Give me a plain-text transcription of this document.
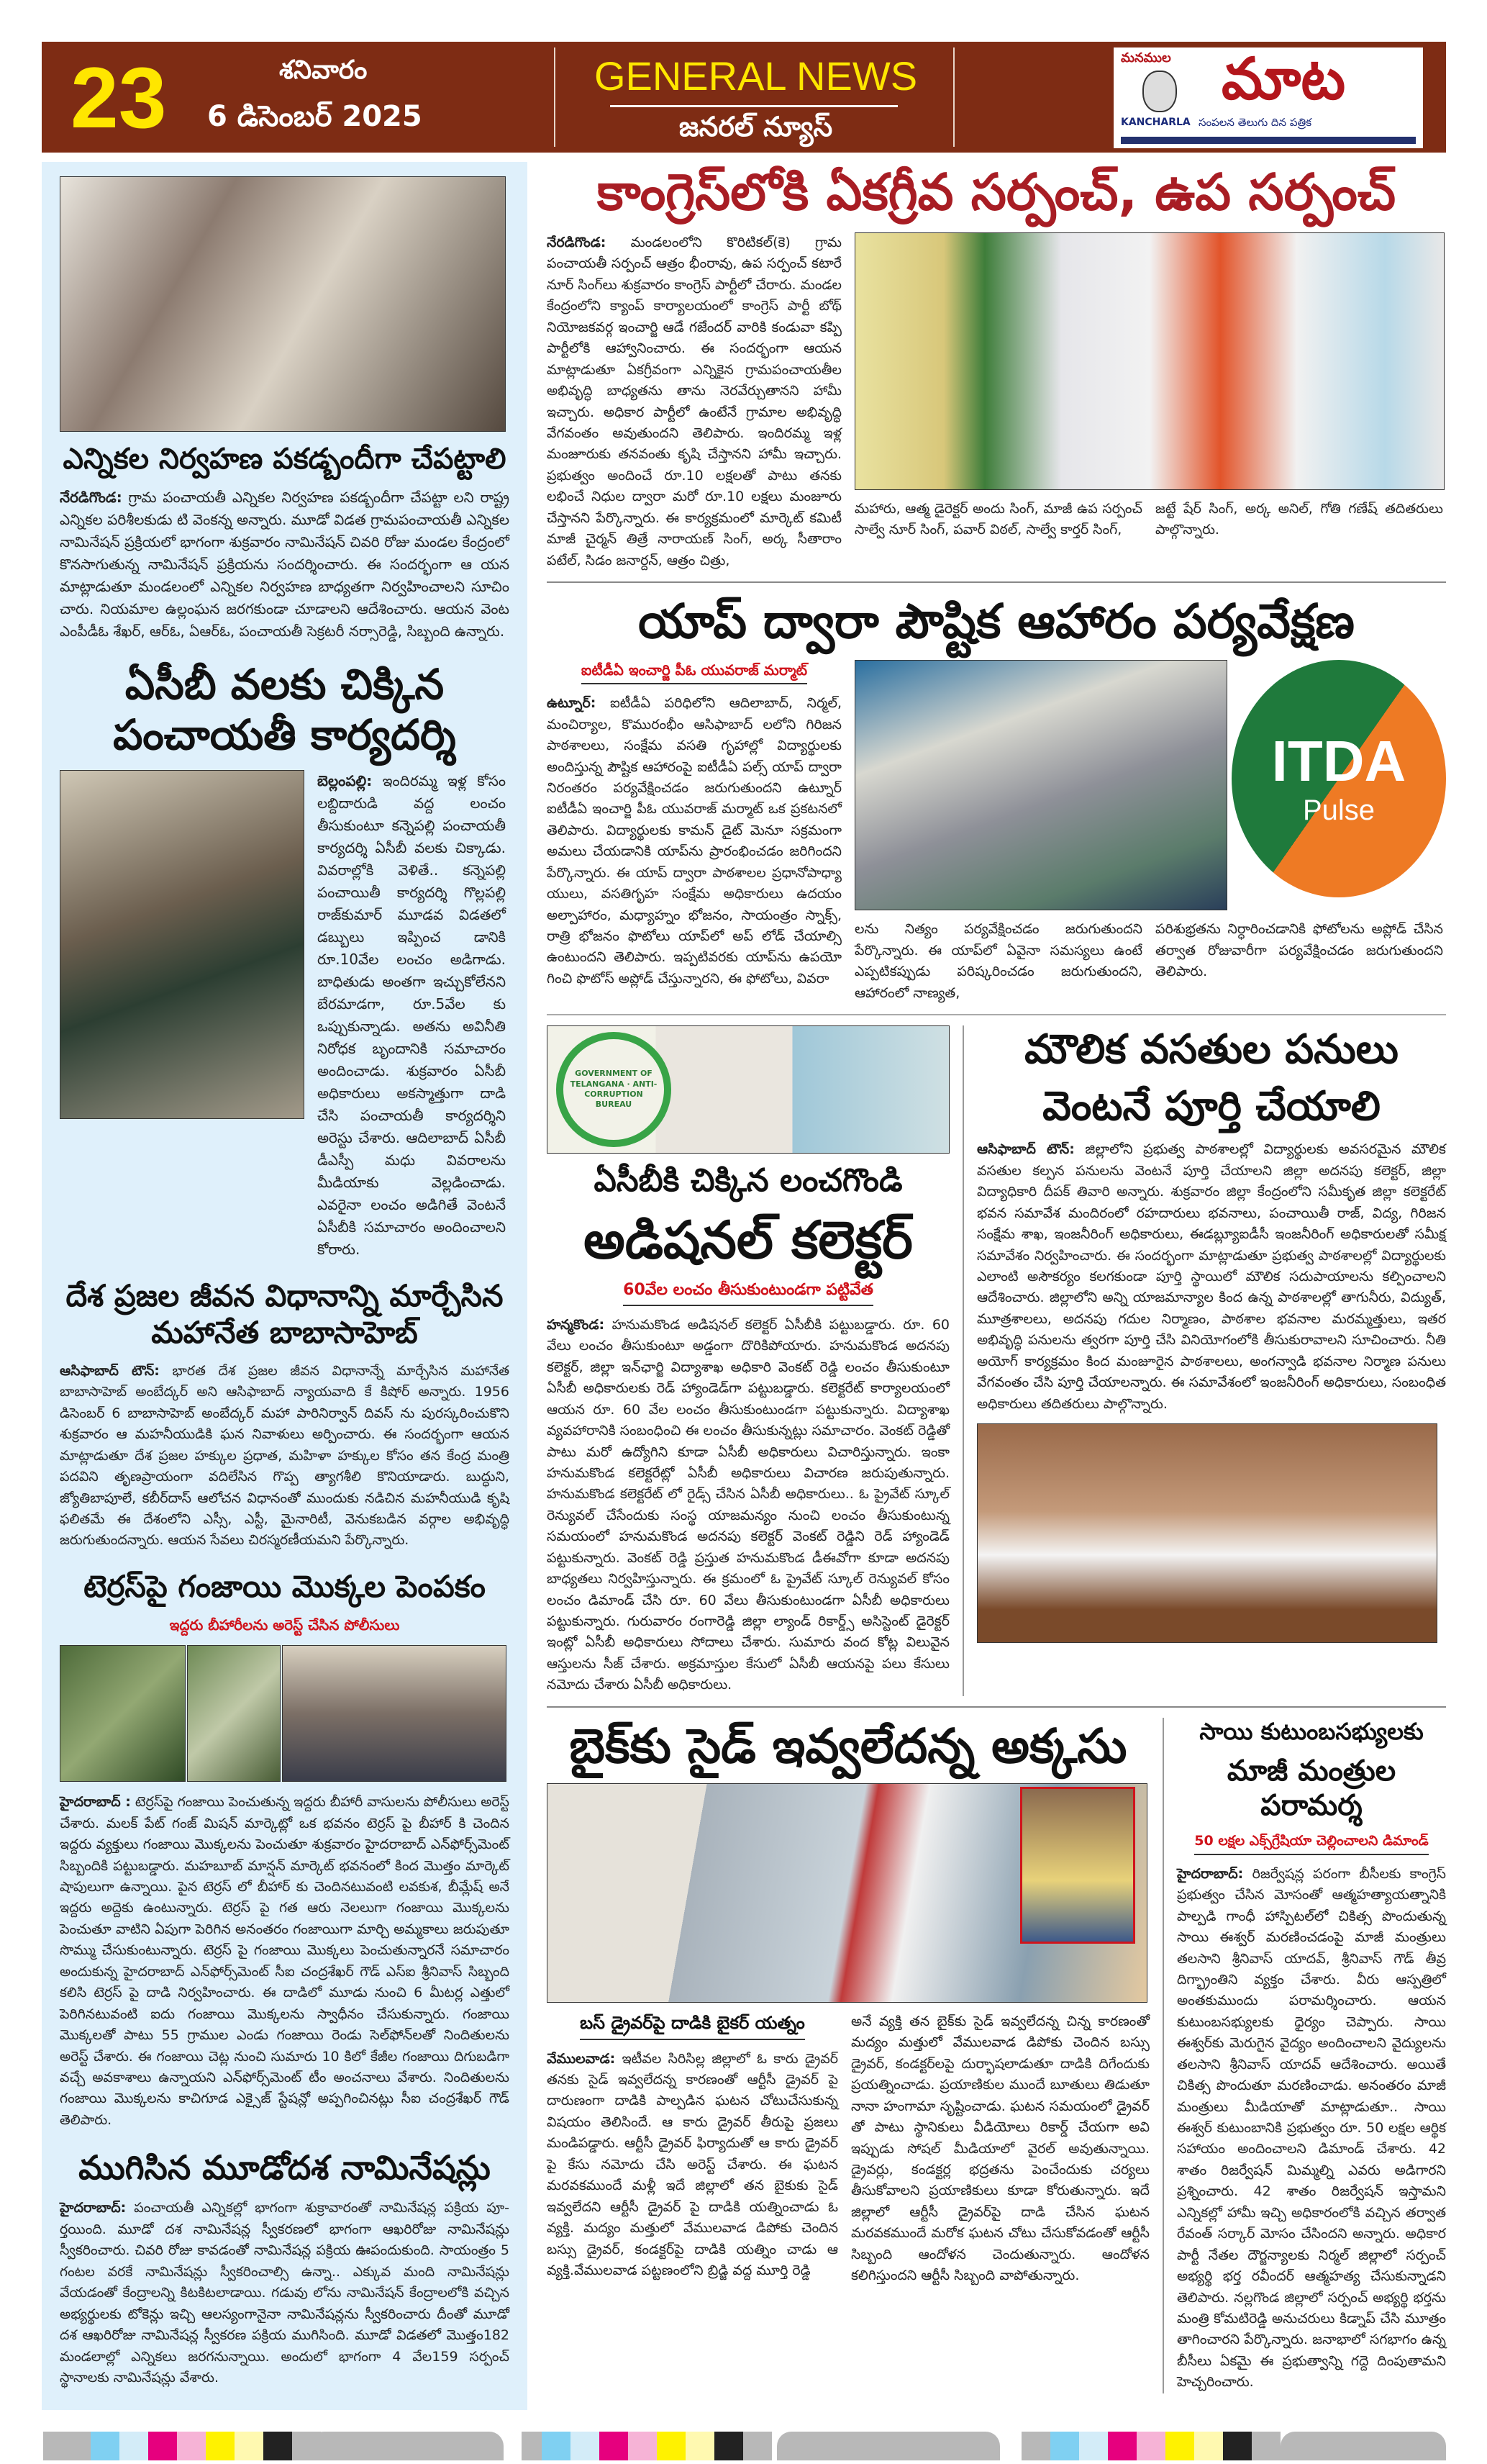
23	శనివారం
6 డిసెంబర్ 2025
GENERAL NEWS
జనరల్ న్యూస్
మనముల మాట
KANCHARLA సంపలన తెలుగు దిన పత్రిక
ఎన్నికల నిర్వహణ పకడ్బందీగా చేపట్టాలి
నేరడిగొండ: గ్రామ పంచాయతీ ఎన్నికల నిర్వహణ పకడ్బందీగా చేపట్టా లని రాష్ట్ర ఎన్నికల పరిశీలకుడు టి వెంకన్న అన్నారు. మూడో విడత గ్రామపంచాయతీ ఎన్నికల నామినేషన్ ప్రక్రియలో భాగంగా శుక్రవారం నామినేషన్ చివరి రోజు మండల కేంద్రంలో కొనసాగుతున్న నామినేషన్ ప్రక్రియను సందర్శించారు. ఈ సందర్భంగా ఆ యన మాట్లాడుతూ మండలంలో ఎన్నికల నిర్వహణ బాధ్యతగా నిర్వహించాలని సూచిం చారు. నియమాల ఉల్లంఘన జరగకుండా చూడాలని ఆదేశించారు. ఆయన వెంట ఎంపీడీఓ శేఖర్, ఆర్ఓ, ఏఆర్ఓ, పంచాయతీ సెక్రటరీ నర్సారెడ్డి, సిబ్బంది ఉన్నారు.
ఏసీబీ వలకు చిక్కిన పంచాయతీ కార్యదర్శి
బెల్లంపల్లి: ఇందిరమ్మ ఇళ్ల కోసం లబ్దిదారుడి వద్ద లంచం తీసుకుంటూ కన్నెపల్లి పంచాయతీ కార్యదర్శి ఏసీబీ వలకు చిక్కాడు. వివరాల్లోకి వెళితే.. కన్నెపల్లి పంచాయితీ కార్యదర్శి గొల్లపల్లి రాజ్‌కుమార్ మూడవ విడతలో డబ్బులు ఇప్పించ డానికి రూ.10వేల లంచం అడిగాడు. బాధితుడు అంతగా ఇచ్చుకోలేనని బేరమాడగా, రూ.5వేల కు ఒప్పుకున్నాడు. అతను అవినీతి నిరోధక బృందానికి సమాచారం అందించాడు. శుక్రవారం ఏసీబీ అధికారులు అకస్మాత్తుగా దాడి చేసి పంచాయతీ కార్యదర్శిని అరెస్టు చేశారు. ఆదిలాబాద్ ఏసీబీ డీఎస్పీ మధు వివరాలను మీడియాకు వెల్లడించాడు. ఎవరైనా లంచం అడిగితే వెంటనే ఏసీబీకి సమాచారం అందించాలని కోరారు.
దేశ ప్రజల జీవన విధానాన్ని మార్చేసిన మహానేత బాబాసాహెబ్
ఆసిఫాబాద్ టౌన్: భారత దేశ ప్రజల జీవన విధానాన్నే మార్చేసిన మహానేత బాబాసాహెబ్ అంబేద్కర్ అని ఆసిఫాబాద్ న్యాయవాది కే కిషోర్ అన్నారు. 1956 డిసెంబర్ 6 బాబాసాహెబ్ అంబేద్కర్ మహా పారినిర్వాన్ దివస్ ను పురస్కరించుకొని శుక్రవారం ఆ మహనీయుడికి ఘన నివాళులు అర్పించారు. ఈ సందర్భంగా ఆయన మాట్లాడుతూ దేశ ప్రజల హక్కుల ప్రధాత, మహిళా హక్కుల కోసం తన కేంద్ర మంత్రి పదవిని తృణప్రాయంగా వదిలేసిన గొప్ప త్యాగశీలి కొనియాడారు. బుద్ధుని, జ్యోతిబాపూలే, కబీర్‌దాస్ ఆలోచన విధానంతో ముందుకు నడిచిన మహనీయుడి కృషి ఫలితమే ఈ దేశంలోని ఎస్సీ, ఎస్టీ, మైనారిటీ, వెనుకబడిన వర్గాల అభివృద్ధి జరుగుతుందన్నారు. ఆయన సేవలు చిరస్మరణీయమని పేర్కొన్నారు.
టెర్రస్‌పై గంజాయి మొక్కల పెంపకం
ఇద్దరు బీహారీలను అరెస్ట్ చేసిన పోలీసులు
హైదరాబాద్ : టెర్రస్‌పై గంజాయి పెంచుతున్న ఇద్దరు బీహారీ వాసులను పోలీసులు అరెస్ట్ చేశారు. మలక్ పేట్ గంజ్ మిషన్ మార్కెట్లో ఒక భవనం టెర్రస్ పై బీహార్ కి చెందిన ఇద్దరు వ్యక్తులు గంజాయి మొక్కలను పెంచుతూ శుక్రవారం హైదరాబాద్ ఎన్‌ఫోర్స్‌మెంట్ సిబ్బందికి పట్టుబడ్డారు. మహబూబ్ మాన్షన్ మార్కెట్ భవనంలో కింద మొత్తం మార్కెట్ షాపులుగా ఉన్నాయి. పైన టెర్రస్ లో బీహార్ కు చెందినటువంటి లవకుశ, బీమ్లేష్ అనే ఇద్దరు అద్దెకు ఉంటున్నారు. టెర్రస్ పై గత ఆరు నెలలుగా గంజాయి మొక్కలను పెంచుతూ వాటిని ఏపుగా పెరిగిన అనంతరం గంజాయిగా మార్చి అమ్మకాలు జరుపుతూ సొమ్ము చేసుకుంటున్నారు. టెర్రస్ పై గంజాయి మొక్కలు పెంచుతున్నారనే సమాచారం అందుకున్న హైదరాబాద్ ఎన్‌ఫోర్స్‌మెంట్ సీఐ చంద్రశేఖర్ గౌడ్ ఎస్ఐ శ్రీనివాస్ సిబ్బంది కలిసి టెర్రస్ పై దాడి నిర్వహించారు. ఈ దాడిలో మూడు నుంచి 6 మీటర్ల ఎత్తులో పెరిగినటువంటి ఐదు గంజాయి మొక్కలను స్వాధీనం చేసుకున్నారు. గంజాయి మొక్కలతో పాటు 55 గ్రాముల ఎండు గంజాయి రెండు సెల్‌ఫోన్‌లతో నిందితులను అరెస్ట్ చేశారు. ఈ గంజాయి చెట్ల నుంచి సుమారు 10 కిలో కేజీల గంజాయి దిగుబడిగా వచ్చే అవకాశాలు ఉన్నాయని ఎన్‌ఫోర్స్‌మెంట్ టీం అంచనాలు వేశారు. నిందితులను గంజాయి మొక్కలను కాచిగూడ ఎక్సైజ్ స్టేషన్లో అప్పగించినట్లు సీఐ చంద్రశేఖర్ గౌడ్ తెలిపారు.
ముగిసిన మూడోదశ నామినేషన్లు
హైదరాబాద్: పంచాయతీ ఎన్నికల్లో భాగంగా శుక్రావారంతో నామినేషన్ల పక్రియ పూ- ర్తయింది. మూడో దశ నామినేషన్ల స్వీకరణలో భాగంగా ఆఖరిరోజు నామినేషన్లు స్వీకరించారు. చివరి రోజు కావడంతో నామినేషన్ల పక్రియ ఊపందుకుంది. సాయంత్రం 5 గంటల వరకే నామినేషన్లు స్వీకరించాల్సి ఉన్నా.. ఎక్కువ మంది నామినేషన్లు వేయడంతో కేంద్రాలన్ని కిటకిటలాడాయి. గడువు లోను నామినేషన్ కేంద్రాలలోకి వచ్చిన అభ్యర్థులకు టోకెన్లు ఇచ్చి ఆలస్యంగానైనా నామినేషన్లను స్వీకరించారు దీంతో మూడో దశ ఆఖరిరోజు నామినేషన్ల స్వీకరణ పక్రియ ముగిసింది. మూడో విడతలో మొత్తం182 మండలాల్లో ఎన్నికలు జరగనున్నాయి. అందులో భాగంగా 4 వేల159 సర్పంచ్ స్థానాలకు నామినేషన్లు వేశారు.
కాంగ్రెస్‌లోకి ఏకగ్రీవ సర్పంచ్, ఉప సర్పంచ్
నేరడిగొండ: మండలంలోని కొరిటికల్(కె) గ్రామ పంచాయతీ సర్పంచ్ ఆత్రం భీంరావు, ఉప సర్పంచ్ కటారే నూర్ సింగ్‌లు శుక్రవారం కాంగ్రెస్ పార్టీలో చేరారు. మండల కేంద్రంలోని క్యాంప్ కార్యాలయంలో కాంగ్రెస్ పార్టీ బోథ్ నియోజకవర్గ ఇంచార్జి ఆడే గజేందర్ వారికి కండువా కప్పి పార్టీలోకి ఆహ్వానించారు. ఈ సందర్భంగా ఆయన మాట్లాడుతూ ఏకగ్రీవంగా ఎన్నికైన గ్రామపంచాయతీల అభివృద్ధి బాధ్యతను తాను నెరవేర్చుతానని హామీ ఇచ్చారు. అధికార పార్టీలో ఉంటేనే గ్రామాల అభివృద్ధి వేగవంతం అవుతుందని తెలిపారు. ఇందిరమ్మ ఇళ్ల మంజూరుకు తనవంతు కృషి చేస్తానని హామీ ఇచ్చారు. ప్రభుత్వం అందించే రూ.10 లక్షలతో పాటు తనకు లభించే నిధుల ద్వారా మరో రూ.10 లక్షలు మంజూరు చేస్తానని పేర్కొన్నారు. ఈ కార్యక్రమంలో మార్కెట్ కమిటీ మాజీ చైర్మన్ తిత్రే నారాయణ్ సింగ్, అర్క సీతారాం పటేల్, సిడం జనార్దన్, ఆత్రం చిత్రు,
మహారు, ఆత్మ డైరెక్టర్ అందు సింగ్, మాజీ ఉప సర్పంచ్ సాల్వే నూర్ సింగ్, పవార్ విఠల్, సాల్వే కార్తర్ సింగ్,
జట్టే షేర్ సింగ్, అర్క అనిల్, గోతి గణేష్ తదితరులు పాల్గొన్నారు.
యాప్ ద్వారా పౌష్టిక ఆహారం పర్యవేక్షణ
ఐటీడీఏ ఇంచార్జి పీఓ యువరాజ్ మర్మాట్
ఉట్నూర్: ఐటీడీఏ పరిధిలోని ఆదిలాబాద్, నిర్మల్, మంచిర్యాల, కొమురంభీం ఆసిఫాబాద్ లలోని గిరిజన పాఠశాలలు, సంక్షేమ వసతి గృహాల్లో విద్యార్థులకు అందిస్తున్న పౌష్టిక ఆహారంపై ఐటీడీఏ పల్స్ యాప్ ద్వారా నిరంతరం పర్యవేక్షించడం జరుగుతుందని ఉట్నూర్ ఐటీడీఏ ఇంచార్జి పీఓ యువరాజ్ మర్మాట్ ఒక ప్రకటనలో తెలిపారు. విద్యార్థులకు కామన్ డైట్ మెనూ సక్రమంగా అమలు చేయడానికి యాప్‌ను ప్రారంభించడం జరిగిందని పేర్కొన్నారు. ఈ యాప్ ద్వారా పాఠశాలల ప్రధానోపాధ్యా యులు, వసతిగృహ సంక్షేమ అధికారులు ఉదయం అల్పాహారం, మధ్యాహ్నం భోజనం, సాయంత్రం స్నాక్స్, రాత్రి భోజనం ఫొటోలు యాప్‌లో అప్ లోడ్ చేయాల్సి ఉంటుందని తెలిపారు. ఇప్పటివరకు యాప్‌ను ఉపయో గించి ఫొటోస్ అప్లోడ్ చేస్తున్నారని, ఈ ఫోటోలు, వివరా
ITDA
Pulse
లను నిత్యం పర్యవేక్షించడం జరుగుతుందని పేర్కొన్నారు. ఈ యాప్‌లో ఏవైనా సమస్యలు ఉంటే ఎప్పటికప్పుడు పరిష్కరించడం జరుగుతుందని, ఆహారంలో నాణ్యత,
పరిశుభ్రతను నిర్ధారించడానికి ఫోటోలను అప్లోడ్ చేసిన తర్వాత రోజువారీగా పర్యవేక్షించడం జరుగుతుందని తెలిపారు.
GOVERNMENT OF TELANGANA · ANTI-CORRUPTION BUREAU
ఏసీబీకి చిక్కిన లంచగొండి
అడిషనల్ కలెక్టర్
60వేల లంచం తీసుకుంటుండగా పట్టివేత
హన్మకొండ: హనుమకొండ అడిషనల్ కలెక్టర్ ఏసీబీకి పట్టుబడ్డారు. రూ. 60 వేలు లంచం తీసుకుంటూ అడ్డంగా దొరికిపోయారు. హనుమకొండ అదనపు కలెక్టర్, జిల్లా ఇన్‌ఛార్జి విద్యాశాఖ అధికారి వెంకట్ రెడ్డి లంచం తీసుకుంటూ ఏసీబీ అధికారులకు రెడ్ హ్యాండెడ్‌గా పట్టుబడ్డారు. కలెక్టరేట్ కార్యాలయంలో ఆయన రూ. 60 వేల లంచం తీసుకుంటుండగా పట్టుకున్నారు. విద్యాశాఖ వ్యవహారానికి సంబంధించి ఈ లంచం తీసుకున్నట్లు సమాచారం. వెంకట్ రెడ్డితో పాటు మరో ఉద్యోగిని కూడా ఏసీబీ అధికారులు విచారిస్తున్నారు. ఇంకా హనుమకొండ కలెక్టరేట్లో ఏసీబీ అధికారులు విచారణ జరుపుతున్నారు. హనుమకొండ కలెక్టరేట్ లో రైడ్స్ చేసిన ఏసీబీ అధికారులు.. ఓ ప్రైవేట్ స్కూల్ రెన్యువల్ చేసేందుకు సంస్థ యాజమన్యం నుంచి లంచం తీసుకుంటున్న సమయంలో హనుమకొండ అదనపు కలెక్టర్ వెంకట్ రెడ్డిని రెడ్ హ్యాండెడ్ పట్టుకున్నారు. వెంకట్ రెడ్డి ప్రస్తుత హనుమకొండ డీఈవోగా కూడా అదనపు బాధ్యతలు నిర్వహిస్తున్నారు. ఈ క్రమంలో ఓ ప్రైవేట్ స్కూల్ రెన్యువల్ కోసం లంచం డిమాండ్ చేసి రూ. 60 వేలు తీసుకుంటుండగా ఏసీబీ అధికారులు పట్టుకున్నారు. గురువారం రంగారెడ్డి జిల్లా ల్యాండ్ రికార్డ్స్ అసిస్టెంట్ డైరెక్టర్ ఇంట్లో ఏసీబీ అధికారులు సోదాలు చేశారు. సుమారు వంద కోట్ల విలువైన ఆస్తులను సీజ్ చేశారు. అక్రమాస్తుల కేసులో ఏసీబీ ఆయనపై పలు కేసులు నమోదు చేశారు ఏసీబీ అధికారులు.
మౌలిక వసతుల పనులు
వెంటనే పూర్తి చేయాలి
ఆసిఫాబాద్ టౌన్: జిల్లాలోని ప్రభుత్వ పాఠశాలల్లో విద్యార్థులకు అవసరమైన మౌలిక వసతుల కల్పన పనులను వెంటనే పూర్తి చేయాలని జిల్లా అదనపు కలెక్టర్, జిల్లా విద్యాధికారి దీపక్ తివారి అన్నారు. శుక్రవారం జిల్లా కేంద్రంలోని సమీకృత జిల్లా కలెక్టరేట్ భవన సమావేశ మందిరంలో రహదారులు భవనాలు, పంచాయితీ రాజ్, విద్య, గిరిజన సంక్షేమ శాఖ, ఇంజనీరింగ్ అధికారులు, ఈడబ్ల్యూఐడీసీ ఇంజనీరింగ్ అధికారులతో సమీక్ష సమావేశం నిర్వహించారు. ఈ సందర్భంగా మాట్లాడుతూ ప్రభుత్వ పాఠశాలల్లో విద్యార్థులకు ఎలాంటి అసౌకర్యం కలగకుండా పూర్తి స్థాయిలో మౌలిక సదుపాయాలను కల్పించాలని ఆదేశించారు. జిల్లాలోని అన్ని యాజమాన్యాల కింద ఉన్న పాఠశాలల్లో తాగునీరు, విద్యుత్, మూత్రశాలలు, అదనపు గదుల నిర్మాణం, పాఠశాల భవనాల మరమ్మత్తులు, ఇతర అభివృద్ధి పనులను త్వరగా పూర్తి చేసి వినియోగంలోకి తీసుకురావాలని సూచించారు. నీతి అయోగ్ కార్యక్రమం కింద మంజూరైన పాఠశాలలు, అంగన్వాడి భవనాల నిర్మాణ పనులు వేగవంతం చేసి పూర్తి చేయాలన్నారు. ఈ సమావేశంలో ఇంజనీరింగ్ అధికారులు, సంబంధిత అధికారులు తదితరులు పాల్గొన్నారు.
బైక్‌కు సైడ్ ఇవ్వలేదన్న అక్కసు
బస్ డ్రైవర్‌పై దాడికి బైకర్ యత్నం
వేములవాడ: ఇటీవల సిరిసిల్ల జిల్లాలో ఓ కారు డ్రైవర్ తనకు సైడ్ ఇవ్వలేదన్న కారణంతో ఆర్టీసీ డ్రైవర్ పై దారుణంగా దాడికి పాల్పడిన ఘటన చోటుచేసుకున్న విషయం తెలిసిందే. ఆ కారు డ్రైవర్ తీరుపై ప్రజలు మండిపడ్డారు. ఆర్టీసీ డ్రైవర్ ఫిర్యాదుతో ఆ కారు డ్రైవర్ పై కేసు నమోదు చేసి అరెస్ట్ చేశారు. ఈ ఘటన మరవకముందే మళ్లీ ఇదే జిల్లాలో తన బైకుకు సైడ్ ఇవ్వలేదని ఆర్టీసీ డ్రైవర్ పై దాడికి యత్నించాడు ఓ వ్యక్తి. మద్యం మత్తులో వేములవాడ డిపోకు చెందిన బస్సు డ్రైవర్, కండక్టర్‌పై దాడికి యత్నిం చాడు ఆ వ్యక్తి.వేములవాడ పట్టణంలోని బ్రిడ్జి వద్ద మూర్తి రెడ్డి
అనే వ్యక్తి తన బైక్‌కు సైడ్ ఇవ్వలేదన్న చిన్న కారణంతో మద్యం మత్తులో వేములవాడ డిపోకు చెందిన బస్సు డ్రైవర్, కండక్టర్‌లపై దుర్భాషలాడుతూ దాడికి దిగేందుకు ప్రయత్నించాడు. ప్రయాణికుల ముందే బూతులు తిడుతూ నానా హంగామా సృష్టించాడు. ఘటన సమయంలో డ్రైవర్ తో పాటు స్థానికులు వీడియోలు రికార్డ్ చేయగా అవి ఇప్పుడు సోషల్ మీడియాలో వైరల్ అవుతున్నాయి. డ్రైవర్లు, కండక్టర్ల భద్రతను పెంచేందుకు చర్యలు తీసుకోవాలని ప్రయాణికులు కూడా కోరుతున్నారు. ఇదే జిల్లాలో ఆర్టీసీ డ్రైవర్‌పై దాడి చేసిన ఘటన మరవకముందే మరోక ఘటన చోటు చేసుకోవడంతో ఆర్టీసీ సిబ్బంది ఆందోళన చెందుతున్నారు. ఆందోళన కలిగిస్తుందని ఆర్టీసీ సిబ్బంది వాపోతున్నారు.
సాయి కుటుంబసభ్యులకు
మాజీ మంత్రుల పరామర్శ
50 లక్షల ఎక్స్‌గ్రేషియా చెల్లించాలని డిమాండ్
హైదరాబాద్: రిజర్వేషన్ల పరంగా బీసీలకు కాంగ్రెస్ ప్రభుత్వం చేసిన మోసంతో ఆత్మహత్యాయత్నానికి పాల్పడి గాంధీ హాస్పిటల్‌లో చికిత్స పొందుతున్న సాయి ఈశ్వర్ మరణించడంపై మాజీ మంత్రులు తలసాని శ్రీనివాస్ యాదవ్, శ్రీనివాస్ గౌడ్ తీవ్ర దిగ్భ్రాంతిని వ్యక్తం చేశారు. వీరు ఆస్పత్రిలో అంతకుముందు పరామర్శించారు. ఆయన కుటుంబసభ్యులకు ధైర్యం చెప్పారు. సాయి ఈశ్వర్‌కు మెరుగైన వైద్యం అందించాలని వైద్యులను తలసాని శ్రీనివాస్ యాదవ్ ఆదేశించారు. అయితే చికిత్స పొందుతూ మరణించాడు. అనంతరం మాజీ మంత్రులు మీడియాతో మాట్లాడుతూ.. సాయి ఈశ్వర్ కుటుంబానికి ప్రభుత్వం రూ. 50 లక్షల ఆర్థిక సహాయం అందించాలని డిమాండ్ చేశారు. 42 శాతం రిజర్వేషన్ మిమ్మల్ని ఎవరు అడిగారని ప్రశ్నించారు. 42 శాతం రిజర్వేషన్ ఇస్తామని ఎన్నికల్లో హామీ ఇచ్చి అధికారంలోకి వచ్చిన తర్వాత రేవంత్ సర్కార్ మోసం చేసిందని అన్నారు. అధికార పార్టీ నేతల దౌర్జన్యాలకు నిర్మల్ జిల్లాలో సర్పంచ్ అభ్యర్థి భర్త రవీందర్ ఆత్మహత్య చేసుకున్నాడని తెలిపారు. నల్లగొండ జిల్లాలో సర్పంచ్ అభ్యర్థి భర్తను మంత్రి కోమటిరెడ్డి అనుచరులు కిడ్నాప్ చేసి మూత్రం తాగించారని పేర్కొన్నారు. జనాభాలో సగభాగం ఉన్న బీసీలు ఏకమై ఈ ప్రభుత్వాన్ని గద్దె దింపుతామని హెచ్చరించారు.
